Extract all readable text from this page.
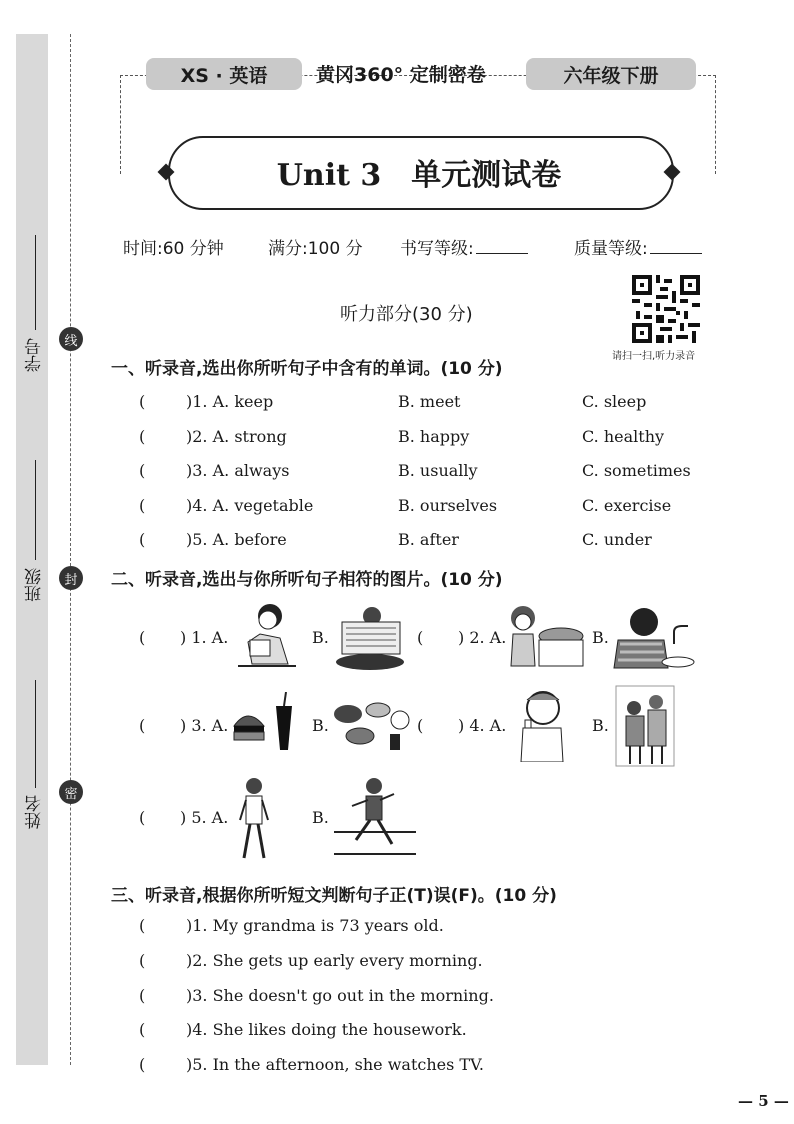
学号
班级
姓名
线
封
密
XS · 英语	黄冈360° 定制密卷	六年级下册
Unit 3　单元测试卷
时间:60 分钟	满分:100 分 书写等级:	质量等级:
听力部分(30 分)
请扫一扫,听力录音
一、听录音,选出你所听句子中含有的单词。(10 分)
(	)1. A. keep	B. meet	C. sleep
(	)2. A. strong	B. happy	C. healthy
(	)3. A. always	B. usually	C. sometimes
(	)4. A. vegetable	B. ourselves	C. exercise
(	)5. A. before	B. after	C. under
二、听录音,选出与你所听句子相符的图片。(10 分)
( ) 1. A.	B.	( ) 2. A.	B.
( ) 3. A.	B.	( ) 4. A.	B.
( ) 5. A.	B.
三、听录音,根据你所听短文判断句子正(T)误(F)。(10 分)
(	)1. My grandma is 73 years old.
(	)2. She gets up early every morning.
(	)3. She doesn't go out in the morning.
(	)4. She likes doing the housework.
(	)5. In the afternoon, she watches TV.
— 5 —
